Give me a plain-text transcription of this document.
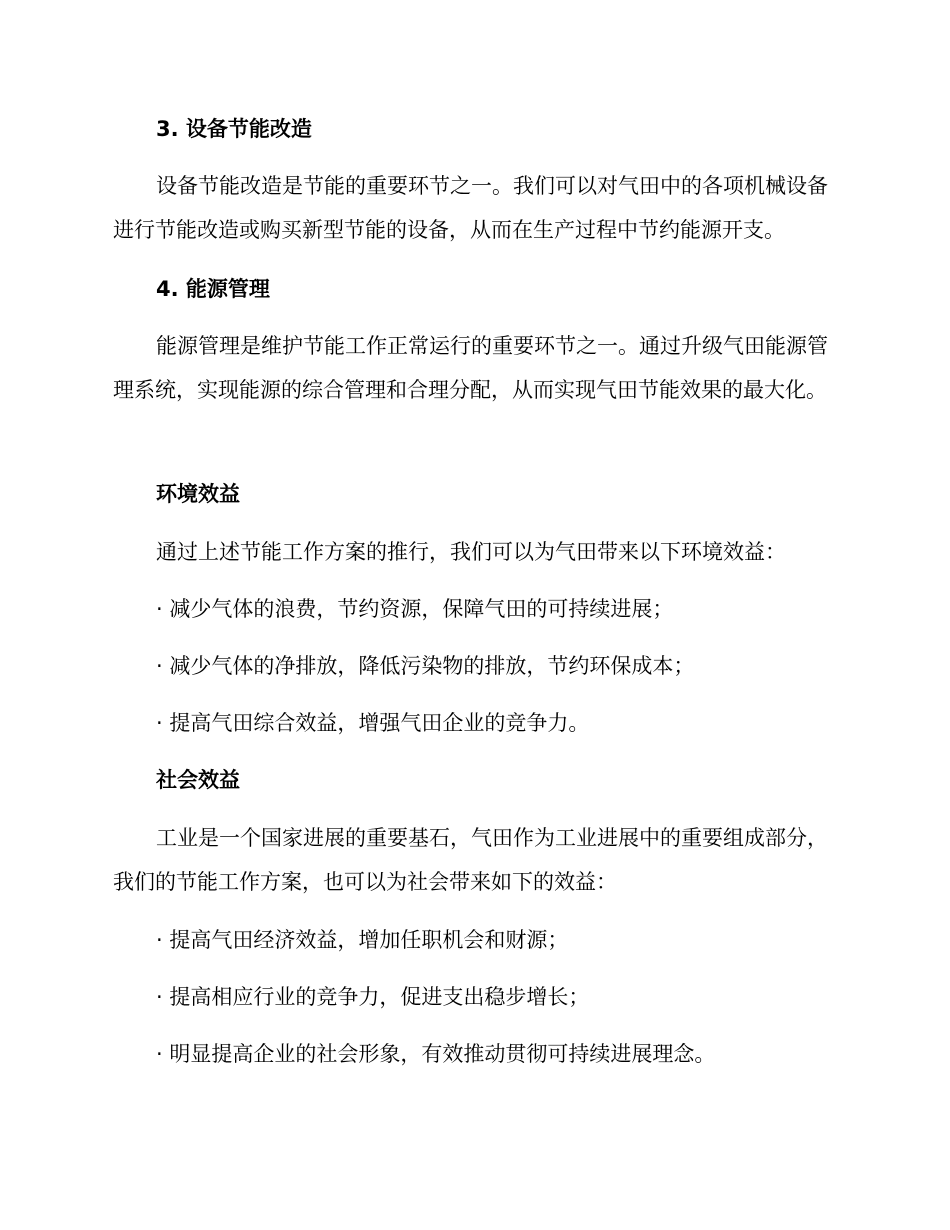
3. 设备节能改造
设备节能改造是节能的重要环节之一。我们可以对气田中的各项机械设备进行节能改造或购买新型节能的设备，从而在生产过程中节约能源开支。
4. 能源管理
能源管理是维护节能工作正常运行的重要环节之一。通过升级气田能源管理系统，实现能源的综合管理和合理分配，从而实现气田节能效果的最大化。
环境效益
通过上述节能工作方案的推行，我们可以为气田带来以下环境效益：
· 减少气体的浪费，节约资源，保障气田的可持续进展；
· 减少气体的净排放，降低污染物的排放，节约环保成本；
· 提高气田综合效益，增强气田企业的竞争力。
社会效益
工业是一个国家进展的重要基石，气田作为工业进展中的重要组成部分，我们的节能工作方案，也可以为社会带来如下的效益：
· 提高气田经济效益，增加任职机会和财源；
· 提高相应行业的竞争力，促进支出稳步增长；
· 明显提高企业的社会形象，有效推动贯彻可持续进展理念。
